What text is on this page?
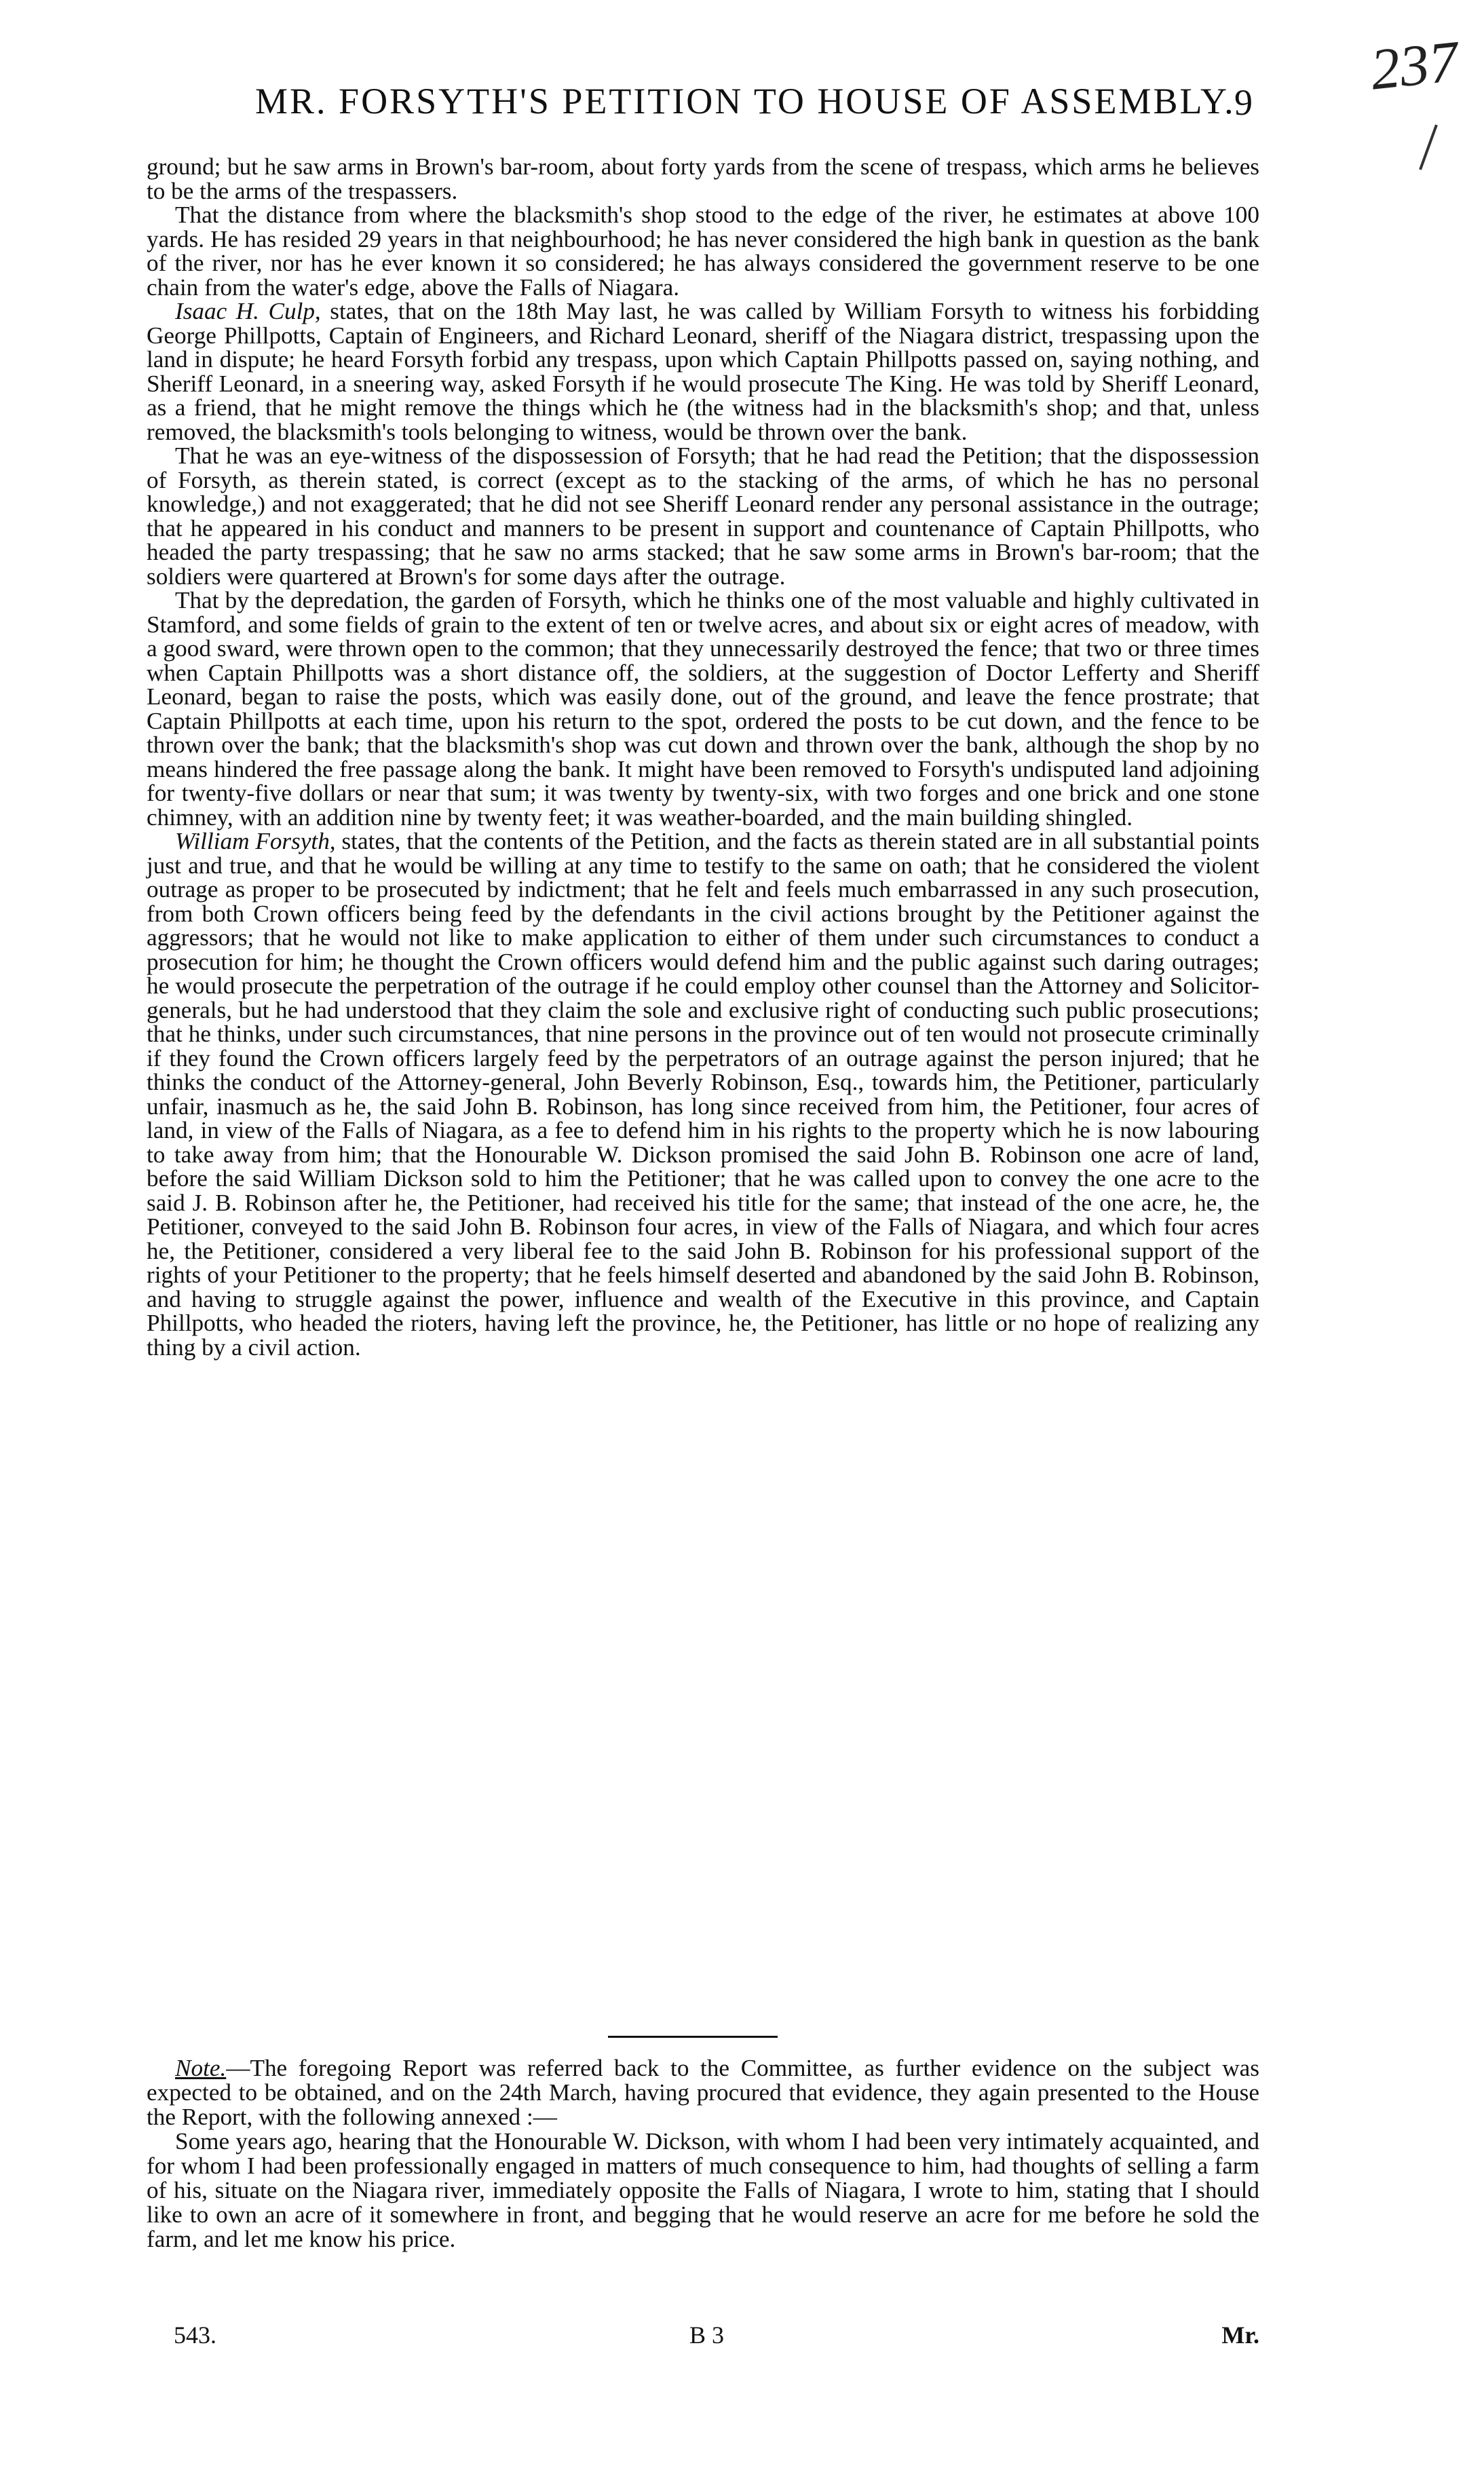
MR. FORSYTH'S PETITION TO HOUSE OF ASSEMBLY.
9

ground; but he saw arms in Brown's bar-room, about forty yards from the scene of trespass, which arms he believes to be the arms of the trespassers.

That the distance from where the blacksmith's shop stood to the edge of the river, he estimates at above 100 yards. He has resided 29 years in that neighbourhood; he has never considered the high bank in question as the bank of the river, nor has he ever known it so considered; he has always considered the government reserve to be one chain from the water's edge, above the Falls of Niagara.

Isaac H. Culp, states, that on the 18th May last, he was called by William Forsyth to witness his forbidding George Phillpotts, Captain of Engineers, and Richard Leonard, sheriff of the Niagara district, trespassing upon the land in dispute; he heard Forsyth forbid any trespass, upon which Captain Phillpotts passed on, saying nothing, and Sheriff Leonard, in a sneering way, asked Forsyth if he would prosecute The King. He was told by Sheriff Leonard, as a friend, that he might remove the things which he (the witness had in the blacksmith's shop; and that, unless removed, the blacksmith's tools belonging to witness, would be thrown over the bank.

That he was an eye-witness of the dispossession of Forsyth; that he had read the Petition; that the dispossession of Forsyth, as therein stated, is correct (except as to the stacking of the arms, of which he has no personal knowledge,) and not exaggerated; that he did not see Sheriff Leonard render any personal assistance in the outrage; that he appeared in his conduct and manners to be present in support and countenance of Captain Phillpotts, who headed the party trespassing; that he saw no arms stacked; that he saw some arms in Brown's bar-room; that the soldiers were quartered at Brown's for some days after the outrage.

That by the depredation, the garden of Forsyth, which he thinks one of the most valuable and highly cultivated in Stamford, and some fields of grain to the extent of ten or twelve acres, and about six or eight acres of meadow, with a good sward, were thrown open to the common; that they unnecessarily destroyed the fence; that two or three times when Captain Phillpotts was a short distance off, the soldiers, at the suggestion of Doctor Lefferty and Sheriff Leonard, began to raise the posts, which was easily done, out of the ground, and leave the fence prostrate; that Captain Phillpotts at each time, upon his return to the spot, ordered the posts to be cut down, and the fence to be thrown over the bank; that the blacksmith's shop was cut down and thrown over the bank, although the shop by no means hindered the free passage along the bank. It might have been removed to Forsyth's undisputed land adjoining for twenty-five dollars or near that sum; it was twenty by twenty-six, with two forges and one brick and one stone chimney, with an addition nine by twenty feet; it was weather-boarded, and the main building shingled.

William Forsyth, states, that the contents of the Petition, and the facts as therein stated are in all substantial points just and true, and that he would be willing at any time to testify to the same on oath; that he considered the violent outrage as proper to be prosecuted by indictment; that he felt and feels much embarrassed in any such prosecution, from both Crown officers being feed by the defendants in the civil actions brought by the Petitioner against the aggressors; that he would not like to make application to either of them under such circumstances to conduct a prosecution for him; he thought the Crown officers would defend him and the public against such daring outrages; he would prosecute the perpetration of the outrage if he could employ other counsel than the Attorney and Solicitor-generals, but he had understood that they claim the sole and exclusive right of conducting such public prosecutions; that he thinks, under such circumstances, that nine persons in the province out of ten would not prosecute criminally if they found the Crown officers largely feed by the perpetrators of an outrage against the person injured; that he thinks the conduct of the Attorney-general, John Beverly Robinson, Esq., towards him, the Petitioner, particularly unfair, inasmuch as he, the said John B. Robinson, has long since received from him, the Petitioner, four acres of land, in view of the Falls of Niagara, as a fee to defend him in his rights to the property which he is now labouring to take away from him; that the Honourable W. Dickson promised the said John B. Robinson one acre of land, before the said William Dickson sold to him the Petitioner; that he was called upon to convey the one acre to the said J. B. Robinson after he, the Petitioner, had received his title for the same; that instead of the one acre, he, the Petitioner, conveyed to the said John B. Robinson four acres, in view of the Falls of Niagara, and which four acres he, the Petitioner, considered a very liberal fee to the said John B. Robinson for his professional support of the rights of your Petitioner to the property; that he feels himself deserted and abandoned by the said John B. Robinson, and having to struggle against the power, influence and wealth of the Executive in this province, and Captain Phillpotts, who headed the rioters, having left the province, he, the Petitioner, has little or no hope of realizing any thing by a civil action.

Note.—The foregoing Report was referred back to the Committee, as further evidence on the subject was expected to be obtained, and on the 24th March, having procured that evidence, they again presented to the House the Report, with the following annexed :—

Some years ago, hearing that the Honourable W. Dickson, with whom I had been very intimately acquainted, and for whom I had been professionally engaged in matters of much consequence to him, had thoughts of selling a farm of his, situate on the Niagara river, immediately opposite the Falls of Niagara, I wrote to him, stating that I should like to own an acre of it somewhere in front, and begging that he would reserve an acre for me before he sold the farm, and let me know his price.

543.	B 3	Mr.
237
